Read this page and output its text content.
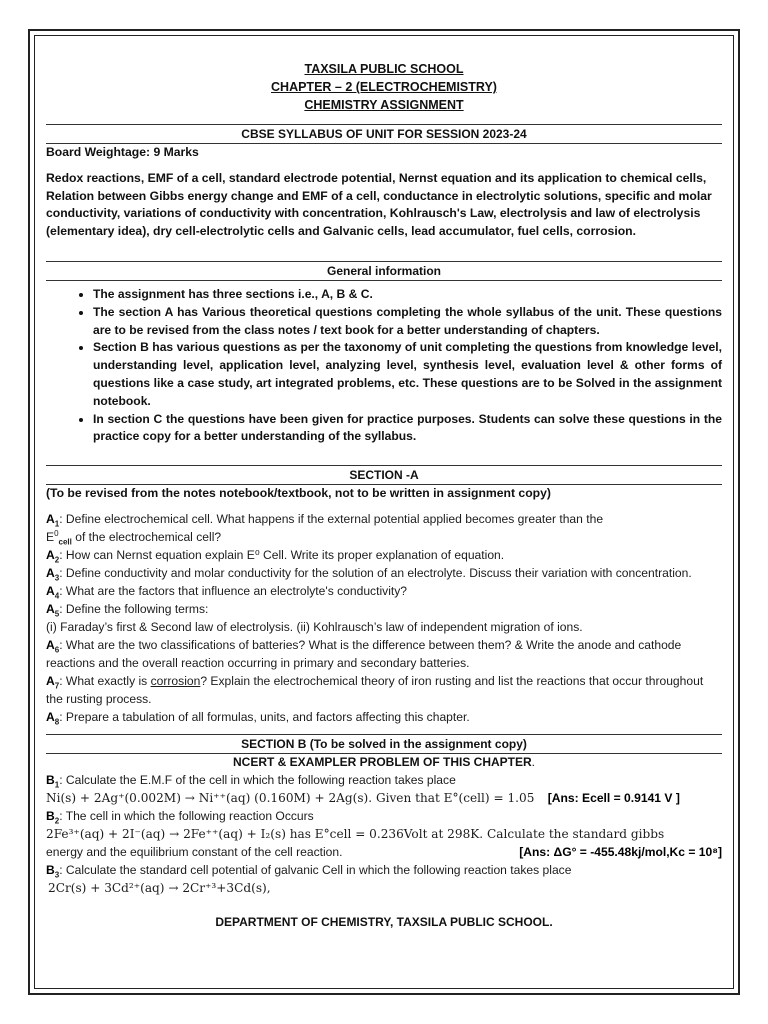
TAXSILA PUBLIC SCHOOL
CHAPTER – 2 (ELECTROCHEMISTRY)
CHEMISTRY ASSIGNMENT
CBSE SYLLABUS OF UNIT FOR SESSION 2023-24
Board Weightage: 9 Marks
Redox reactions, EMF of a cell, standard electrode potential, Nernst equation and its application to chemical cells, Relation between Gibbs energy change and EMF of a cell, conductance in electrolytic solutions, specific and molar conductivity, variations of conductivity with concentration, Kohlrausch's Law, electrolysis and law of electrolysis (elementary idea), dry cell-electrolytic cells and Galvanic cells, lead accumulator, fuel cells, corrosion.
General information
• The assignment has three sections i.e., A, B & C.
• The section A has Various theoretical questions completing the whole syllabus of the unit. These questions are to be revised from the class notes / text book for a better understanding of chapters.
• Section B has various questions as per the taxonomy of unit completing the questions from knowledge level, understanding level, application level, analyzing level, synthesis level, evaluation level & other forms of questions like a case study, art integrated problems, etc. These questions are to be Solved in the assignment notebook.
• In section C the questions have been given for practice purposes. Students can solve these questions in the practice copy for a better understanding of the syllabus.
SECTION -A
(To be revised from the notes notebook/textbook, not to be written in assignment copy)
$A_1$: Define electrochemical cell. What happens if the external potential applied becomes greater than the
$E^0_{cell}$ of the electrochemical cell?
$A_2$: How can Nernst equation explain E⁰ Cell. Write its proper explanation of equation.
$A_3$: Define conductivity and molar conductivity for the solution of an electrolyte. Discuss their variation with concentration.
$A_4$: What are the factors that influence an electrolyte's conductivity?
$A_5$: Define the following terms:
(i) Faraday’s first & Second law of electrolysis. (ii) Kohlrausch’s law of independent migration of ions.
$A_6$: What are the two classifications of batteries? What is the difference between them? & Write the anode and cathode reactions and the overall reaction occurring in primary and secondary batteries.
$A_7$: What exactly is corrosion? Explain the electrochemical theory of iron rusting and list the reactions that occur throughout the rusting process.
$A_8$: Prepare a tabulation of all formulas, units, and factors affecting this chapter.
SECTION B (To be solved in the assignment copy)
NCERT & EXAMPLER PROBLEM OF THIS CHAPTER.
$B_1$: Calculate the E.M.F of the cell in which the following reaction takes place
Ni(s) + 2Ag⁺(0.002M) → Ni⁺⁺(aq) (0.160M) + 2Ag(s). Given that E°(cell) = 1.05 [Ans: Ecell = 0.9141 V ]
$B_2$: The cell in which the following reaction Occurs
2Fe³⁺(aq) + 2I⁻(aq) → 2Fe⁺⁺(aq) + I₂(s) has E°cell = 0.236Volt at 298K. Calculate the standard gibbs
energy and the equilibrium constant of the cell reaction.	[Ans: ΔG° = -455.48kj/mol,Kc = 10⁸]
$B_3$: Calculate the standard cell potential of galvanic Cell in which the following reaction takes place
2Cr(s) + 3Cd²⁺(aq) → 2Cr⁺³+3Cd(s),
DEPARTMENT OF CHEMISTRY, TAXSILA PUBLIC SCHOOL.
